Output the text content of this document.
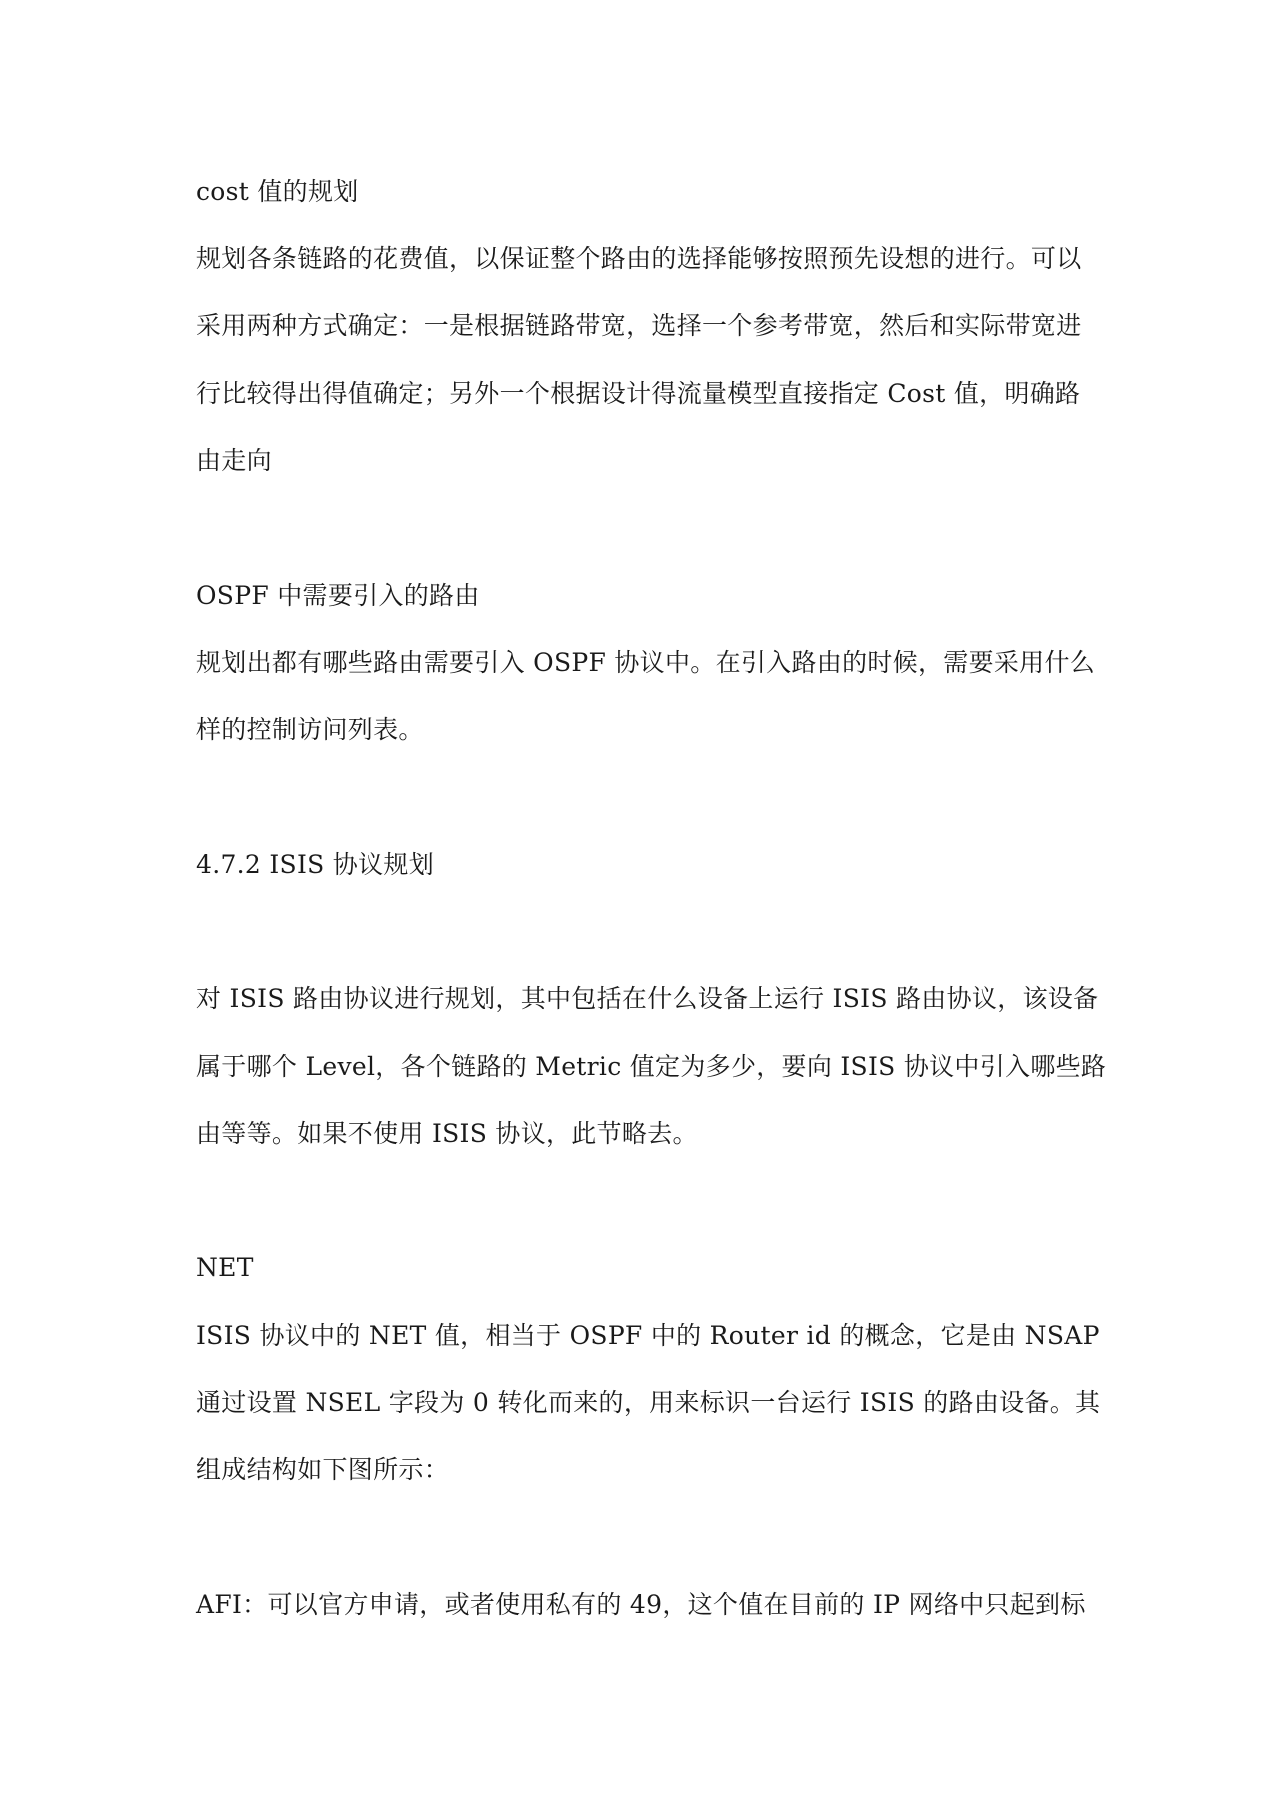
cost 值的规划
规划各条链路的花费值，以保证整个路由的选择能够按照预先设想的进行。可以
采用两种方式确定：一是根据链路带宽，选择一个参考带宽，然后和实际带宽进
行比较得出得值确定；另外一个根据设计得流量模型直接指定 Cost 值，明确路
由走向
OSPF 中需要引入的路由
规划出都有哪些路由需要引入 OSPF 协议中。在引入路由的时候，需要采用什么
样的控制访问列表。
4.7.2 ISIS 协议规划
对 ISIS 路由协议进行规划，其中包括在什么设备上运行 ISIS 路由协议，该设备
属于哪个 Level，各个链路的 Metric 值定为多少，要向 ISIS 协议中引入哪些路
由等等。如果不使用 ISIS 协议，此节略去。
NET
ISIS 协议中的 NET 值，相当于 OSPF 中的 Router id 的概念，它是由 NSAP
通过设置 NSEL 字段为 0 转化而来的，用来标识一台运行 ISIS 的路由设备。其
组成结构如下图所示：
AFI：可以官方申请，或者使用私有的 49，这个值在目前的 IP 网络中只起到标
